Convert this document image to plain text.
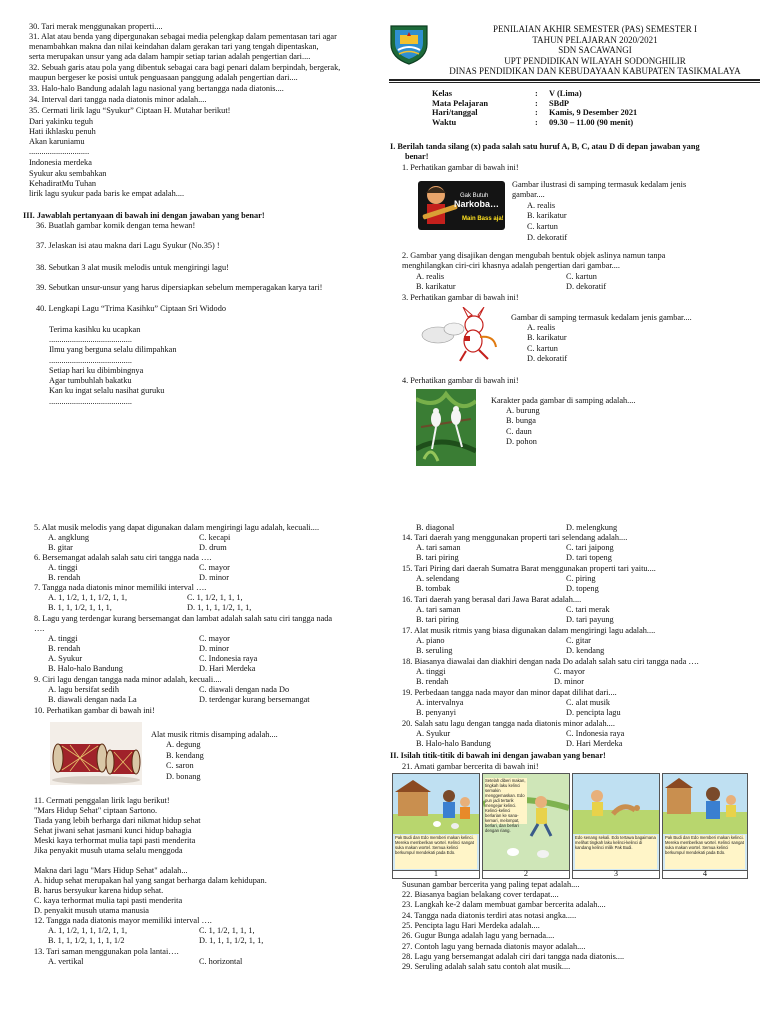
30. Tari merak menggunakan properti....
31. Alat atau benda yang dipergunakan sebagai media pelengkap dalam pementasan tari agar
menambahkan makna dan nilai keindahan dalam gerakan tari yang tengah dipentaskan,
serta merupakan unsur yang ada dalam hampir setiap tarian adalah pengertian dari....
32. Sebuah garis atau pola yang dibentuk sebagai cara bagi penari dalam berpindah, bergerak,
maupun bergeser ke posisi untuk penguasaan panggung adalah pengertian dari....
33. Halo-halo Bandung adalah lagu nasional yang bertangga nada diatonis....
34. Interval dari tangga nada diatonis minor adalah....
35. Cermati lirik lagu “Syukur” Ciptaan H. Mutahar berikut!
Dari yakinku teguh
Hati ikhlasku penuh
Akan karuniamu
.............................
Indonesia merdeka
Syukur aku sembahkan
KehadiratMu Tuhan
lirik lagu syukur pada baris ke empat adalah....
III. Jawablah pertanyaan di bawah ini dengan jawaban yang benar!
36. Buatlah gambar komik dengan tema hewan!
37. Jelaskan isi atau makna dari Lagu Syukur (No.35) !
38. Sebutkan 3 alat musik melodis untuk mengiringi lagu!
39. Sebutkan unsur-unsur yang harus dipersiapkan sebelum memperagakan karya tari!
40. Lengkapi Lagu “Trima Kasihku” Ciptaan Sri Widodo
Terima kasihku ku ucapkan
........................................
Ilmu yang berguna selalu dilimpahkan
........................................
Setiap hari ku dibimbingnya
Agar tumbuhlah bakatku
Kan ku ingat selalu nasihat guruku
........................................
PENILAIAN AKHIR SEMESTER (PAS) SEMESTER I
TAHUN PELAJARAN 2020/2021
SDN SACAWANGI
UPT PENDIDIKAN WILAYAH SODONGHILIR
DINAS PENDIDIKAN DAN KEBUDAYAAN KABUPATEN TASIKMALAYA
Kelas	: V (Lima)
Mata Pelajaran	: SBdP
Hari/tanggal	: Kamis, 9 Desember 2021
Waktu	: 09.30 – 11.00 (90 menit)
I. Berilah tanda silang (x) pada salah satu huruf A, B, C, atau D di depan jawaban yang
benar!
1. Perhatikan gambar di bawah ini!
Gak Butuh
Narkoba…
Main Bass aja!
Gambar ilustrasi di samping termasuk kedalam jenis
gambar....
A. realis
B. karikatur
C. kartun
D. dekoratif
2. Gambar yang disajikan dengan mengubah bentuk objek aslinya namun tanpa
menghilangkan ciri-ciri khasnya adalah pengertian dari gambar....
A. realis	C. kartun
B. karikatur	D. dekoratif
3. Perhatikan gambar di bawah ini!
Gambar di samping termasuk kedalam jenis gambar....
A. realis
B. karikatur
C. kartun
D. dekoratif
4. Perhatikan gambar di bawah ini!
Karakter pada gambar di samping adalah....
A. burung
B. bunga
C. daun
D. pohon
5. Alat musik melodis yang dapat digunakan dalam mengiringi lagu adalah, kecuali....
A. angklung	C. kecapi
B. gitar	D. drum
6. Bersemangat adalah salah satu ciri tangga nada ….
A. tinggi	C. mayor
B. rendah	D. minor
7. Tangga nada diatonis minor memiliki interval ….
A. 1, 1/2, 1, 1, 1/2, 1, 1,	C. 1, 1/2, 1, 1, 1,
B. 1, 1, 1/2, 1, 1, 1,	D. 1, 1, 1, 1/2, 1, 1,
8. Lagu yang terdengar kurang bersemangat dan lambat adalah salah satu ciri tangga nada
….
A. tinggi	C. mayor
B. rendah	D. minor
A. Syukur	C. Indonesia raya
B. Halo-halo Bandung	D. Hari Merdeka
9. Ciri lagu dengan tangga nada minor adalah, kecuali....
A. lagu bersifat sedih	C. diawali dengan nada Do
B. diawali dengan nada La	D. terdengar kurang bersemangat
10. Perhatikan gambar di bawah ini!
Alat musik ritmis disamping adalah....
A. degung
B. kendang
C. saron
D. bonang
11. Cermati penggalan lirik lagu berikut!
"Mars Hidup Sehat" ciptaan Sartono.
Tiada yang lebih berharga dari nikmat hidup sehat
Sehat jiwani sehat jasmani kunci hidup bahagia
Meski kaya terhormat mulia tapi pasti menderita
Jika penyakit musuh utama selalu menggoda
Makna dari lagu "Mars Hidup Sehat" adalah...
A. hidup sehat merupakan hal yang sangat berharga dalam kehidupan.
B. harus bersyukur karena hidup sehat.
C. kaya terhormat mulia tapi pasti menderita
D. penyakit musuh utama manusia
12. Tangga nada diatonis mayor memiliki interval ….
A. 1, 1/2, 1, 1, 1/2, 1, 1,	C. 1, 1/2, 1, 1, 1,
B. 1, 1, 1/2, 1, 1, 1, 1/2	D. 1, 1, 1, 1/2, 1, 1,
13. Tari saman menggunakan pola lantai….
A. vertikal	C. horizontal
B. diagonal	D. melengkung
14. Tari daerah yang menggunakan properti tari selendang adalah....
A. tari saman	C. tari jaipong
B. tari piring	D. tari topeng
15. Tari Piring dari daerah Sumatra Barat menggunakan properti tari yaitu....
A. selendang	C. piring
B. tombak	D. topeng
16. Tari daerah yang berasal dari Jawa Barat adalah....
A. tari saman	C. tari merak
B. tari piring	D. tari payung
17. Alat musik ritmis yang biasa digunakan dalam mengiringi lagu adalah....
A. piano	C. gitar
B. seruling	D. kendang
18. Biasanya diawalai dan diakhiri dengan nada Do adalah salah satu ciri tangga nada ….
A. tinggi	C. mayor
B. rendah	D. minor
19. Perbedaan tangga nada mayor dan minor dapat dilihat dari....
A. intervalnya	C. alat musik
B. penyanyi	D. pencipta lagu
20. Salah satu lagu dengan tangga nada diatonis minor adalah....
A. Syukur	C. Indonesia raya
B. Halo-halo Bandung	D. Hari Merdeka
II. Isilah titik-titik di bawah ini dengan jawaban yang benar!
21. Amati gambar bercerita di bawah ini!
Pak Budi dan Edo memberi makan kelinci. Mereka memberikan wortel. Kelinci sangat suka makan wortel. Semua kelinci berkumpul mendekati pada Edo.
Setelah diberi makan, tingkah laku kelinci semakin menggemaskan. Edo pun jadi tertarik mengejar kelinci. Kelinci-kelinci berlarian ke sana-kemari, melompat, berlari, dan berlari dengan riang.
Edo senang sekali. Edo tertawa bagaimana melihat tingkah laku kelinci-kelinci di kandang kelinci milik Pak Budi.
Pak Budi dan Edo memberi makan kelinci. Mereka memberikan wortel. Kelinci sangat suka makan wortel. Semua kelinci berkumpul mendekati pada Edo.
1	2	3	4
Susunan gambar bercerita yang paling tepat adalah....
22. Biasanya bagian belakang cover terdapat....
23. Langkah ke-2 dalam membuat gambar bercerita adalah....
24. Tangga nada diatonis terdiri atas notasi angka.....
25. Pencipta lagu Hari Merdeka adalah....
26. Gugur Bunga adalah lagu yang bernada....
27. Contoh lagu yang bernada diatonis mayor adalah....
28. Lagu yang bersemangat adalah ciri dari tangga nada diatonis....
29. Seruling adalah salah satu contoh alat musik....
